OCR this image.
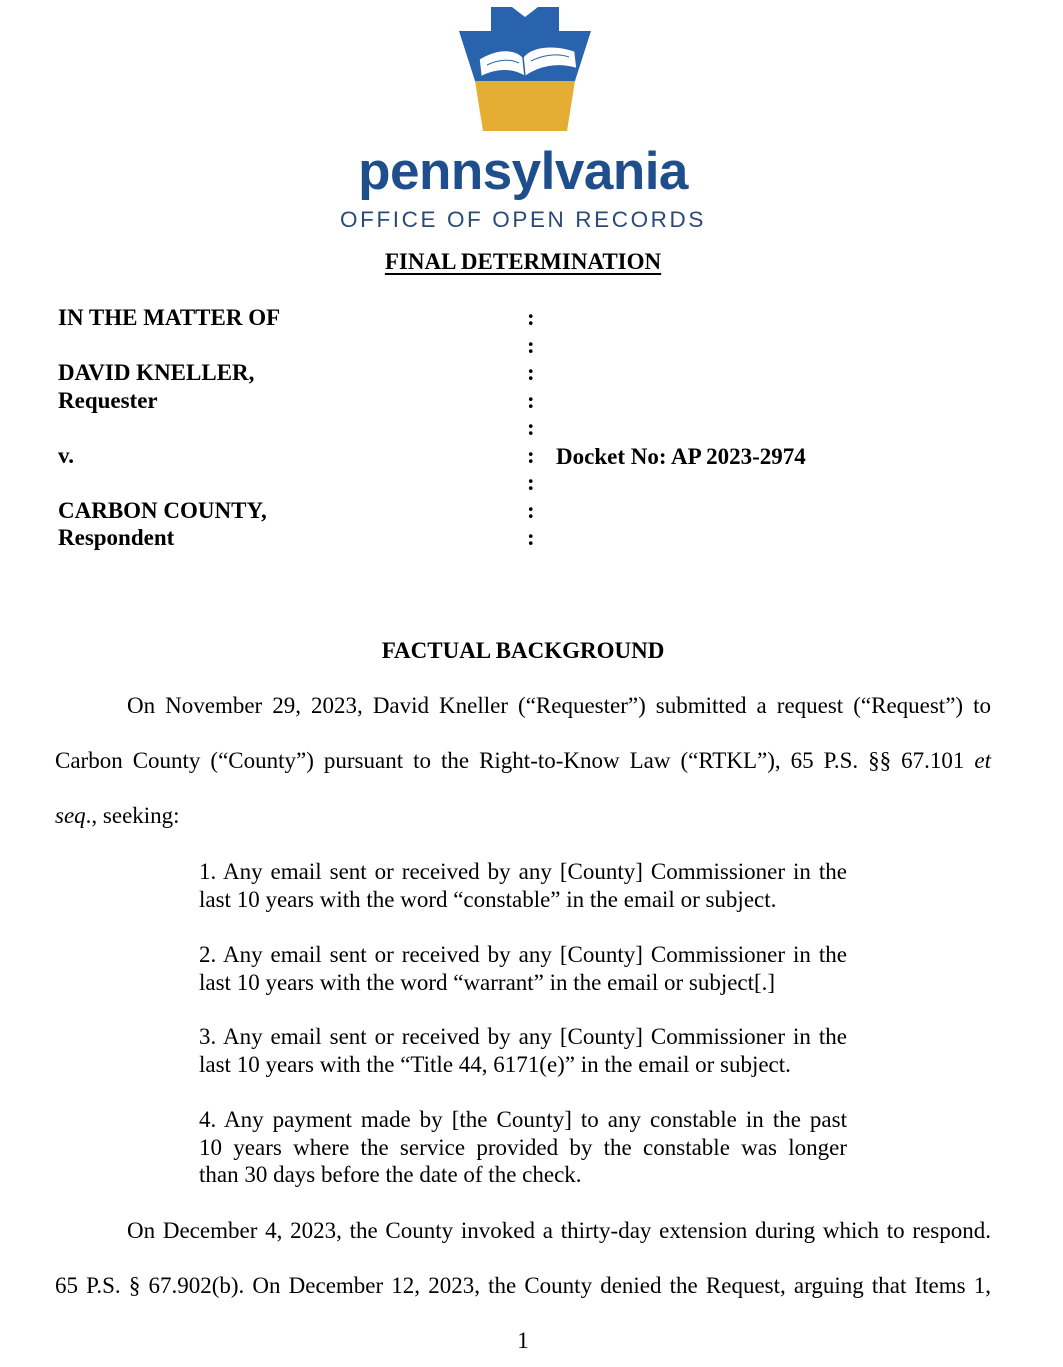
pennsylvania
OFFICE OF OPEN RECORDS
FINAL DETERMINATION
IN THE MATTER OF
DAVID KNELLER,
Requester
v.
CARBON COUNTY,
Respondent
:
:
:
:
:
:
:
:
:
Docket No: AP 2023-2974
FACTUAL BACKGROUND
On November 29, 2023, David Kneller (“Requester”) submitted a request (“Request”) to
Carbon County (“County”) pursuant to the Right-to-Know Law (“RTKL”), 65 P.S. §§ 67.101 et
seq., seeking:
1. Any email sent or received by any [County] Commissioner in the
last 10 years with the word “constable” in the email or subject.
2. Any email sent or received by any [County] Commissioner in the
last 10 years with the word “warrant” in the email or subject[.]
3. Any email sent or received by any [County] Commissioner in the
last 10 years with the “Title 44, 6171(e)” in the email or subject.
4. Any payment made by [the County] to any constable in the past
10 years where the service provided by the constable was longer
than 30 days before the date of the check.
On December 4, 2023, the County invoked a thirty-day extension during which to respond.
65 P.S. § 67.902(b). On December 12, 2023, the County denied the Request, arguing that Items 1,
1
